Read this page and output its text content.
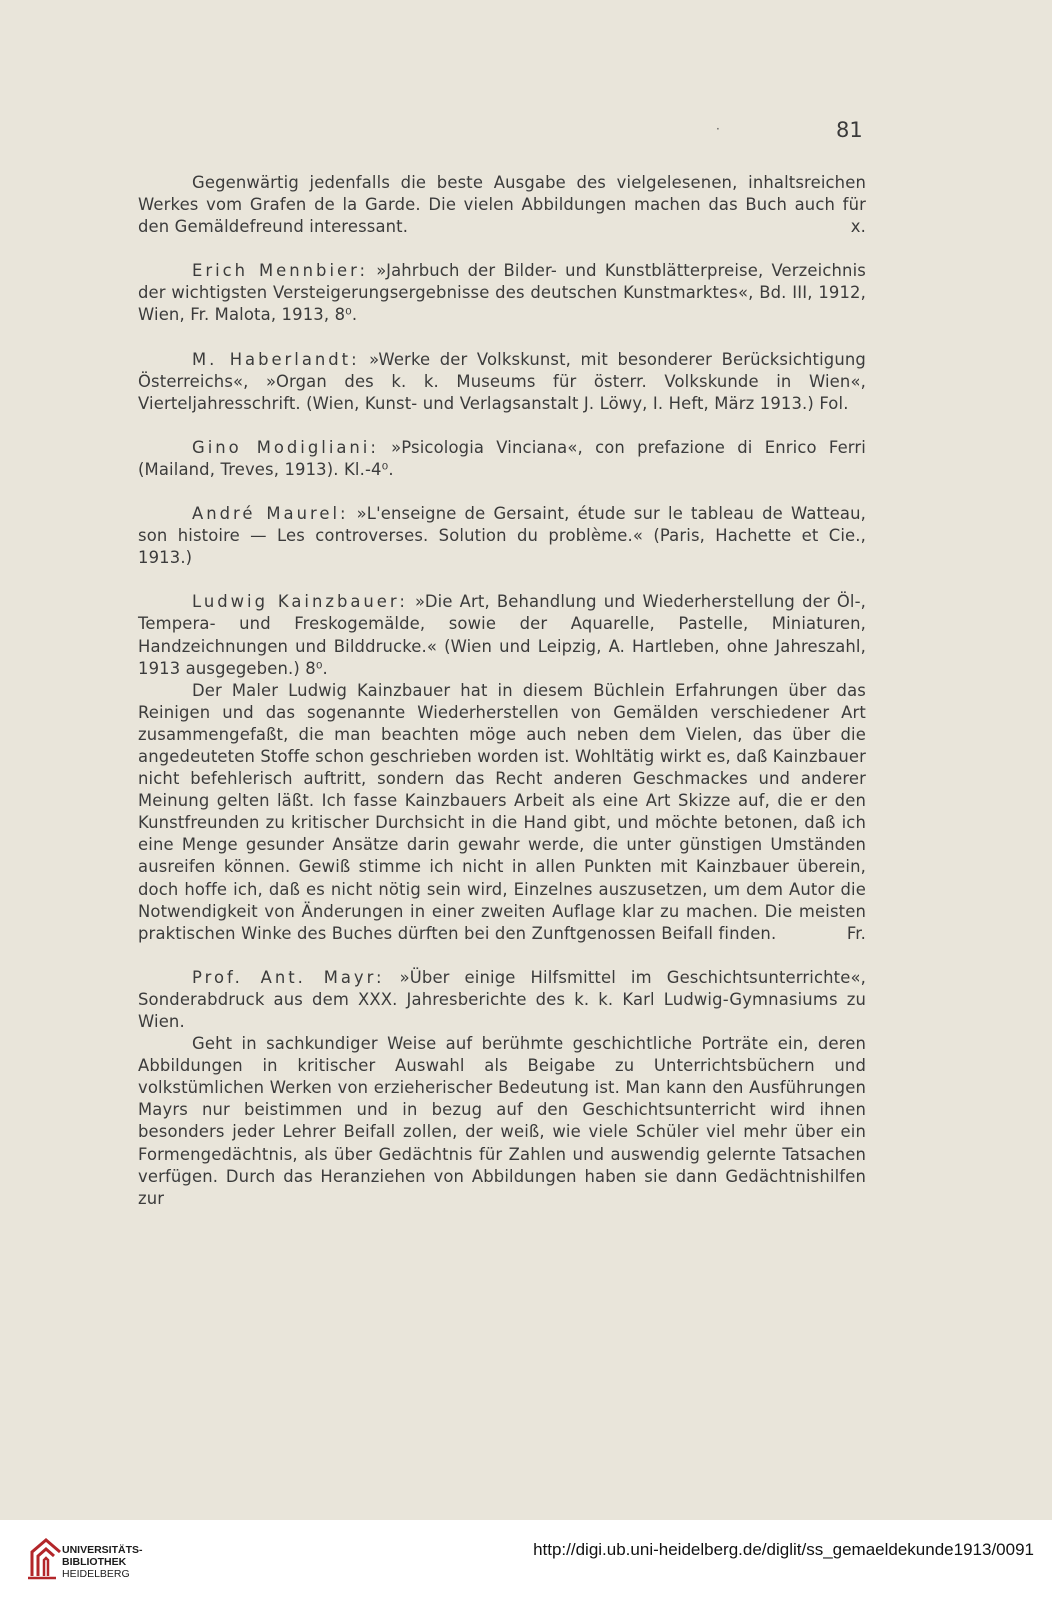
·	81

Gegenwärtig jedenfalls die beste Ausgabe des vielgelesenen, inhaltsreichen Werkes vom Grafen de la Garde. Die vielen Abbildungen machen das Buch auch für den Gemäldefreund interessant.	x.

Erich Mennbier: »Jahrbuch der Bilder- und Kunstblätterpreise, Verzeichnis der wichtigsten Versteigerungsergebnisse des deutschen Kunstmarktes«, Bd. III, 1912, Wien, Fr. Malota, 1913, 8⁰.

M. Haberlandt: »Werke der Volkskunst, mit besonderer Berücksichtigung Österreichs«, »Organ des k. k. Museums für österr. Volkskunde in Wien«, Vierteljahresschrift. (Wien, Kunst- und Verlagsanstalt J. Löwy, I. Heft, März 1913.) Fol.

Gino Modigliani: »Psicologia Vinciana«, con prefazione di Enrico Ferri (Mailand, Treves, 1913). Kl.-4⁰.

André Maurel: »L'enseigne de Gersaint, étude sur le tableau de Watteau, son histoire — Les controverses. Solution du problème.« (Paris, Hachette et Cie., 1913.)

Ludwig Kainzbauer: »Die Art, Behandlung und Wiederherstellung der Öl-, Tempera- und Freskogemälde, sowie der Aquarelle, Pastelle, Miniaturen, Handzeichnungen und Bilddrucke.« (Wien und Leipzig, A. Hartleben, ohne Jahreszahl, 1913 ausgegeben.) 8⁰.

Der Maler Ludwig Kainzbauer hat in diesem Büchlein Erfahrungen über das Reinigen und das sogenannte Wiederherstellen von Gemälden verschiedener Art zusammengefaßt, die man beachten möge auch neben dem Vielen, das über die angedeuteten Stoffe schon geschrieben worden ist. Wohltätig wirkt es, daß Kainzbauer nicht befehlerisch auftritt, sondern das Recht anderen Geschmackes und anderer Meinung gelten läßt. Ich fasse Kainzbauers Arbeit als eine Art Skizze auf, die er den Kunstfreunden zu kritischer Durchsicht in die Hand gibt, und möchte betonen, daß ich eine Menge gesunder Ansätze darin gewahr werde, die unter günstigen Umständen ausreifen können. Gewiß stimme ich nicht in allen Punkten mit Kainzbauer überein, doch hoffe ich, daß es nicht nötig sein wird, Einzelnes auszusetzen, um dem Autor die Notwendigkeit von Änderungen in einer zweiten Auflage klar zu machen. Die meisten praktischen Winke des Buches dürften bei den Zunftgenossen Beifall finden.	Fr.

Prof. Ant. Mayr: »Über einige Hilfsmittel im Geschichtsunterrichte«, Sonderabdruck aus dem XXX. Jahresberichte des k. k. Karl Ludwig-Gymnasiums zu Wien.

Geht in sachkundiger Weise auf berühmte geschichtliche Porträte ein, deren Abbildungen in kritischer Auswahl als Beigabe zu Unterrichtsbüchern und volkstümlichen Werken von erzieherischer Bedeutung ist. Man kann den Ausführungen Mayrs nur beistimmen und in bezug auf den Geschichtsunterricht wird ihnen besonders jeder Lehrer Beifall zollen, der weiß, wie viele Schüler viel mehr über ein Formengedächtnis, als über Gedächtnis für Zahlen und auswendig gelernte Tatsachen verfügen. Durch das Heranziehen von Abbildungen haben sie dann Gedächtnishilfen zur

UNIVERSITÄTS-
BIBLIOTHEK
HEIDELBERG
http://digi.ub.uni-heidelberg.de/diglit/ss_gemaeldekunde1913/0091
